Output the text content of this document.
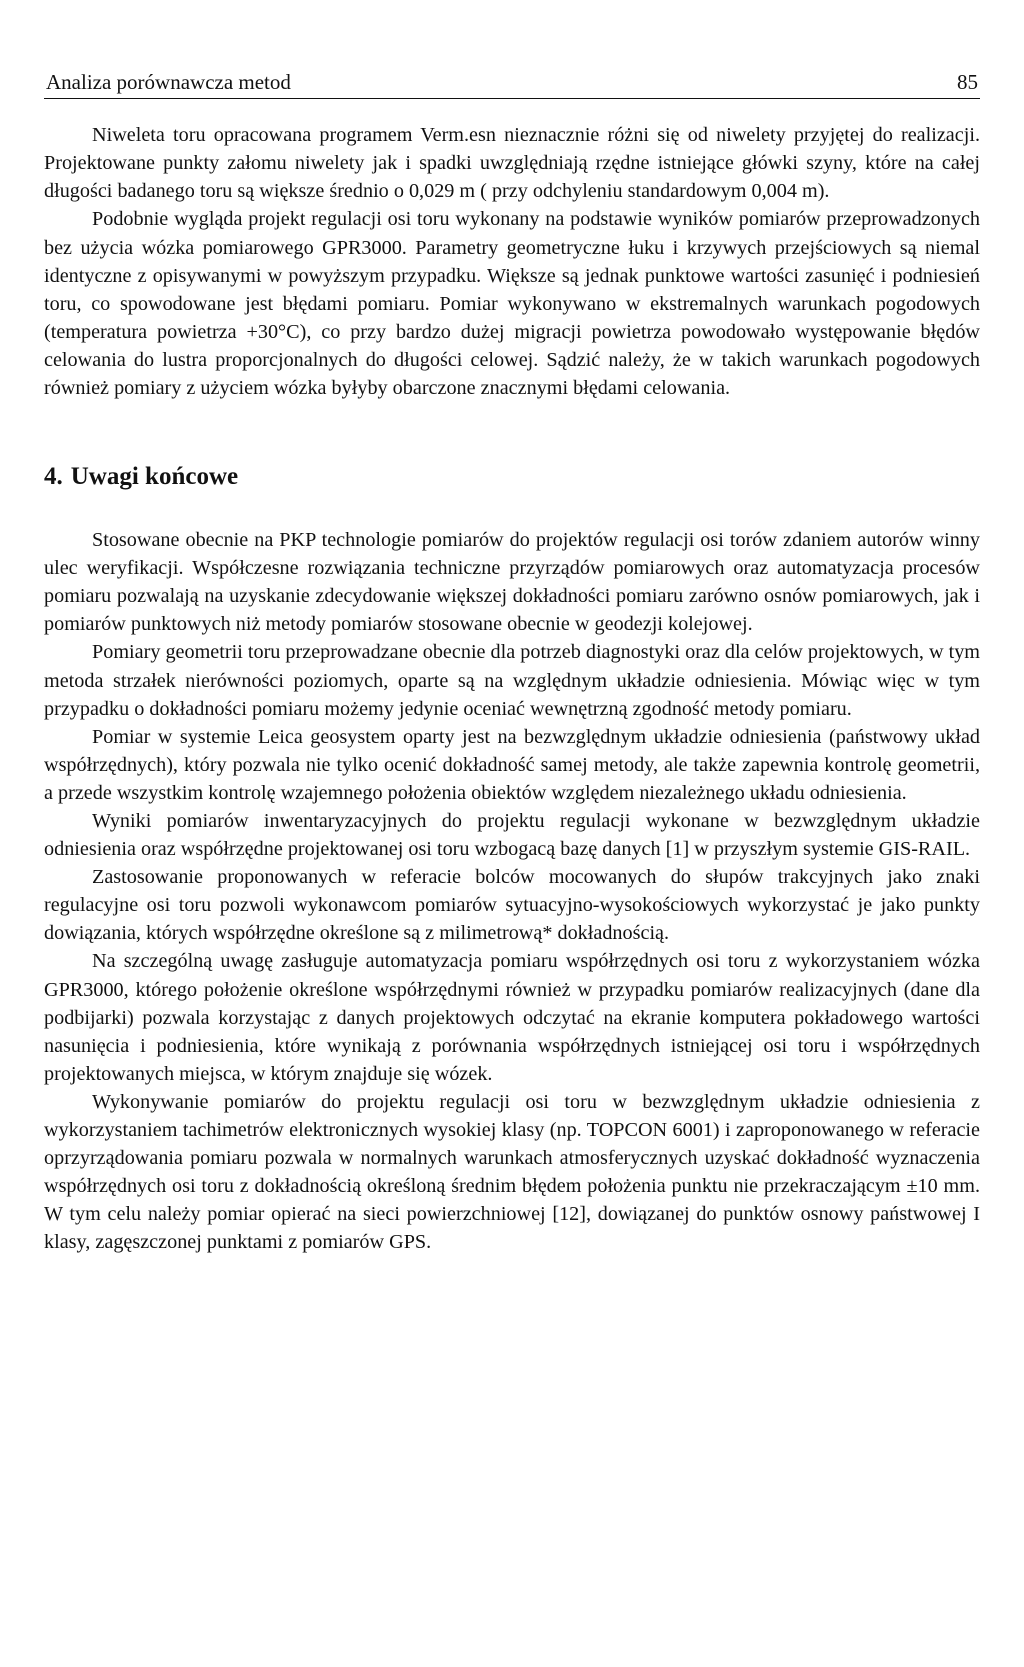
Analiza porównawcza metod	85

Niweleta toru opracowana programem Verm.esn nieznacznie różni się od niwelety przyjętej do realizacji. Projektowane punkty załomu niwelety jak i spadki uwzględniają rzędne istniejące główki szyny, które na całej długości badanego toru są większe średnio o 0,029 m ( przy odchyleniu standardowym 0,004 m).

Podobnie wygląda projekt regulacji osi toru wykonany na podstawie wyników pomiarów przeprowadzonych bez użycia wózka pomiarowego GPR3000. Parametry geometryczne łuku i krzywych przejściowych są niemal identyczne z opisywanymi w powyższym przypadku. Większe są jednak punktowe wartości zasunięć i podniesień toru, co spowodowane jest błędami pomiaru. Pomiar wykonywano w ekstremalnych warunkach pogodowych (temperatura powietrza +30°C), co przy bardzo dużej migracji powietrza powodowało występowanie błędów celowania do lustra proporcjonalnych do długości celowej. Sądzić należy, że w takich warunkach pogodowych również pomiary z użyciem wózka byłyby obarczone znacznymi błędami celowania.

4. Uwagi końcowe

Stosowane obecnie na PKP technologie pomiarów do projektów regulacji osi torów zdaniem autorów winny ulec weryfikacji. Współczesne rozwiązania techniczne przyrządów pomiarowych oraz automatyzacja procesów pomiaru pozwalają na uzyskanie zdecydowanie większej dokładności pomiaru zarówno osnów pomiarowych, jak i pomiarów punktowych niż metody pomiarów stosowane obecnie w geodezji kolejowej.

Pomiary geometrii toru przeprowadzane obecnie dla potrzeb diagnostyki oraz dla celów projektowych, w tym metoda strzałek nierówności poziomych, oparte są na względnym układzie odniesienia. Mówiąc więc w tym przypadku o dokładności pomiaru możemy jedynie oceniać wewnętrzną zgodność metody pomiaru.

Pomiar w systemie Leica geosystem oparty jest na bezwzględnym układzie odniesienia (państwowy układ współrzędnych), który pozwala nie tylko ocenić dokładność samej metody, ale także zapewnia kontrolę geometrii, a przede wszystkim kontrolę wzajemnego położenia obiektów względem niezależnego układu odniesienia.

Wyniki pomiarów inwentaryzacyjnych do projektu regulacji wykonane w bezwzględnym układzie odniesienia oraz współrzędne projektowanej osi toru wzbogacą bazę danych [1] w przyszłym systemie GIS-RAIL.

Zastosowanie proponowanych w referacie bolców mocowanych do słupów trakcyjnych jako znaki regulacyjne osi toru pozwoli wykonawcom pomiarów sytuacyjno-wysokościowych wykorzystać je jako punkty dowiązania, których współrzędne określone są z milimetrową* dokładnością.

Na szczególną uwagę zasługuje automatyzacja pomiaru współrzędnych osi toru z wykorzystaniem wózka GPR3000, którego położenie określone współrzędnymi również w przypadku pomiarów realizacyjnych (dane dla podbijarki) pozwala korzystając z danych projektowych odczytać na ekranie komputera pokładowego wartości nasunięcia i podniesienia, które wynikają z porównania współrzędnych istniejącej osi toru i współrzędnych projektowanych miejsca, w którym znajduje się wózek.

Wykonywanie pomiarów do projektu regulacji osi toru w bezwzględnym układzie odniesienia z wykorzystaniem tachimetrów elektronicznych wysokiej klasy (np. TOPCON 6001) i zaproponowanego w referacie oprzyrządowania pomiaru pozwala w normalnych warunkach atmosferycznych uzyskać dokładność wyznaczenia współrzędnych osi toru z dokładnością określoną średnim błędem położenia punktu nie przekraczającym ±10 mm. W tym celu należy pomiar opierać na sieci powierzchniowej [12], dowiązanej do punktów osnowy państwowej I klasy, zagęszczonej punktami z pomiarów GPS.
